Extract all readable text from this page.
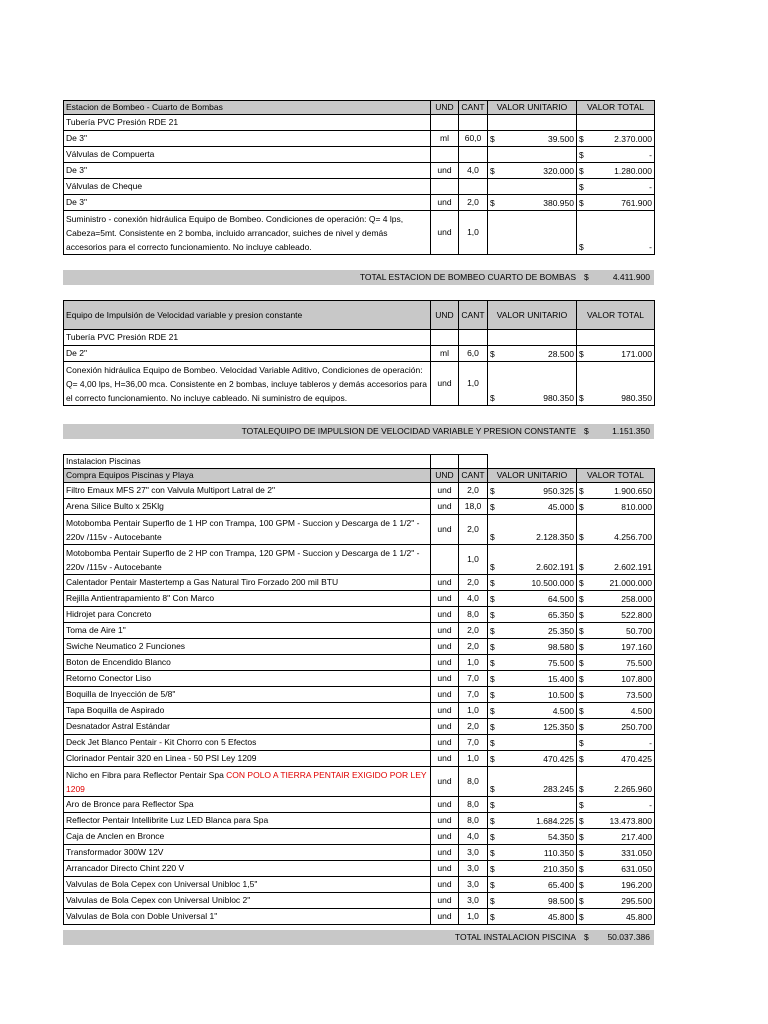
Estacion de Bombeo - Cuarto de Bombas	UND	CANT	VALOR UNITARIO	VALOR TOTAL
Tubería PVC Presión RDE 21			

De 3"	ml	60,0	$ 39.500	$ 2.370.000

Válvulas de Compuerta				$ -

De 3"	und	4,0	$ 320.000	$ 1.280.000

Válvulas de Cheque				$ -

De 3"	und	2,0	$ 380.950	$ 761.900

Suministro - conexión hidráulica Equipo de Bombeo. Condiciones de operación: Q= 4 lps, Cabeza=5mt. Consistente en 2 bomba, incluido arrancador, suiches de nivel y demás accesorios para el correcto funcionamiento. No incluye cableado.	und	1,0		$ -
TOTAL ESTACION DE BOMBEO CUARTO DE BOMBAS $	4.411.900
Equipo de Impulsión de Velocidad variable y presion constante	UND	CANT	VALOR UNITARIO	VALOR TOTAL
Tubería PVC Presión RDE 21			

De 2"	ml	6,0	$ 28.500	$ 171.000

Conexión hidráulica Equipo de Bombeo. Velocidad Variable Aditivo, Condiciones de operación: Q= 4,00 lps, H=36,00 mca. Consistente en 2 bombas, incluye tableros y demás accesorios para el correcto funcionamiento. No incluye cableado. Ni suministro de equipos.	und	1,0	$ 980.350	$ 980.350
TOTALEQUIPO DE IMPULSION DE VELOCIDAD VARIABLE Y PRESION CONSTANTE $	1.151.350
Instalacion Piscinas				
Compra Equipos Piscinas y Playa	UND	CANT	VALOR UNITARIO	VALOR TOTAL
Filtro Emaux MFS 27" con Valvula Multiport Latral de 2"	und	2,0	$ 950.325	$ 1.900.650

Arena Silice Bulto x 25Klg	und	18,0	$ 45.000	$ 810.000

Motobomba Pentair Superflo de 1 HP con Trampa, 100 GPM - Succion y Descarga de 1 1/2" - 220v /115v - Autocebante	und	2,0	$ 2.128.350	$ 4.256.700

Motobomba Pentair Superflo de 2 HP con Trampa, 120 GPM - Succion y Descarga de 1 1/2" - 220v /115v - Autocebante		1,0	$ 2.602.191	$ 2.602.191

Calentador Pentair Mastertemp a Gas Natural Tiro Forzado 200 mil BTU	und	2,0	$ 10.500.000	$ 21.000.000

Rejilla Antientrapamiento 8" Con Marco	und	4,0	$ 64.500	$ 258.000

Hidrojet para Concreto	und	8,0	$ 65.350	$ 522.800

Toma de Aire 1"	und	2,0	$ 25.350	$ 50.700

Swiche Neumatico 2 Funciones	und	2,0	$ 98.580	$ 197.160

Boton de Encendido Blanco	und	1,0	$ 75.500	$ 75.500

Retorno Conector Liso	und	7,0	$ 15.400	$ 107.800

Boquilla de Inyección de 5/8"	und	7,0	$ 10.500	$ 73.500

Tapa Boquilla de Aspirado	und	1,0	$ 4.500	$ 4.500

Desnatador Astral Estándar	und	2,0	$ 125.350	$ 250.700

Deck Jet Blanco Pentair - Kit Chorro con 5 Efectos	und	7,0	$	$ -

Clorinador Pentair 320 en Linea - 50 PSI Ley 1209	und	1,0	$ 470.425	$ 470.425

Nicho en Fibra para Reflector Pentair Spa CON POLO A TIERRA PENTAIR EXIGIDO POR LEY 1209	und	8,0	$ 283.245	$ 2.265.960

Aro de Bronce para Reflector Spa	und	8,0	$	$ -

Reflector Pentair Intellibrite Luz LED Blanca para Spa	und	8,0	$ 1.684.225	$ 13.473.800

Caja de Anclen en Bronce	und	4,0	$ 54.350	$ 217.400

Transformador 300W 12V	und	3,0	$ 110.350	$ 331.050

Arrancador Directo Chint 220 V	und	3,0	$ 210.350	$ 631.050

Valvulas de Bola Cepex con Universal Unibloc 1,5"	und	3,0	$ 65.400	$ 196.200

Valvulas de Bola Cepex con Universal Unibloc 2"	und	3,0	$ 98.500	$ 295.500

Valvulas de Bola con Doble Universal 1"	und	1,0	$ 45.800	$ 45.800
TOTAL INSTALACION PISCINA $ 50.037.386
